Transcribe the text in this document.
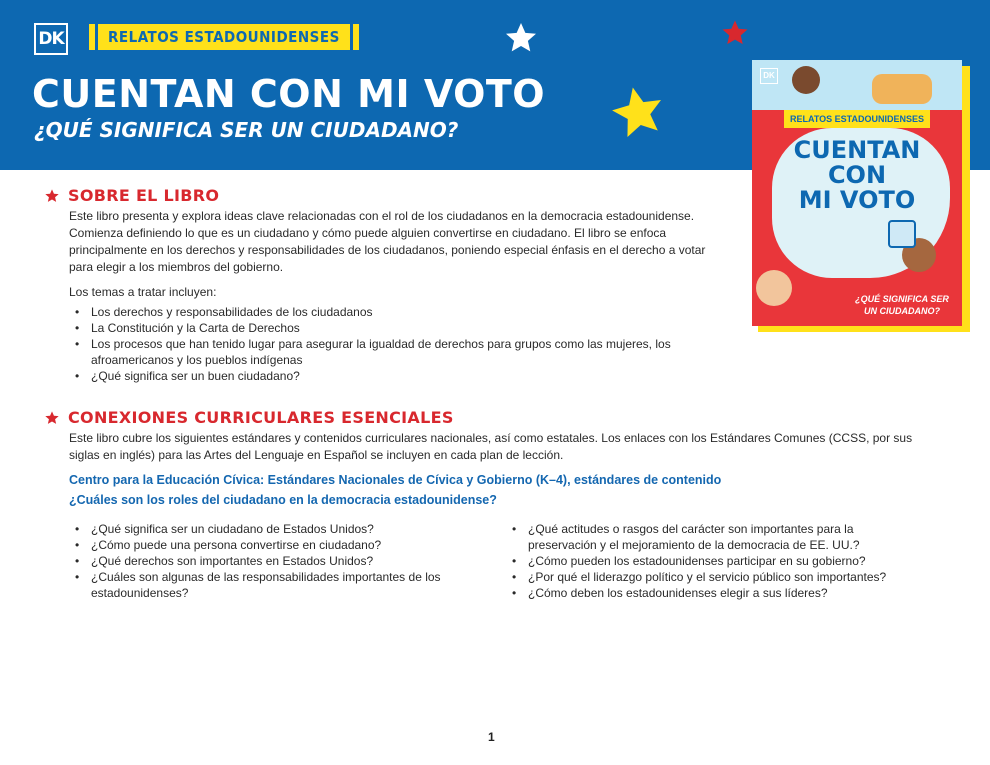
DK	RELATOS ESTADOUNIDENSES
CUENTAN CON MI VOTO
¿QUÉ SIGNIFICA SER UN CIUDADANO?
DK
RELATOS ESTADOUNIDENSES
CUENTAN
CON
MI VOTO
¿QUÉ SIGNIFICA SER UN CIUDADANO?
SOBRE EL LIBRO

Este libro presenta y explora ideas clave relacionadas con el rol de los ciudadanos en la democracia estadounidense. Comienza definiendo lo que es un ciudadano y cómo puede alguien convertirse en ciudadano. El libro se enfoca principalmente en los derechos y responsabilidades de los ciudadanos, poniendo especial énfasis en el derecho a votar para elegir a los miembros del gobierno.

Los temas a tratar incluyen:

• Los derechos y responsabilidades de los ciudadanos
• La Constitución y la Carta de Derechos
• Los procesos que han tenido lugar para asegurar la igualdad de derechos para grupos como las mujeres, los afroamericanos y los pueblos indígenas
• ¿Qué significa ser un buen ciudadano?
CONEXIONES CURRICULARES ESENCIALES

Este libro cubre los siguientes estándares y contenidos curriculares nacionales, así como estatales. Los enlaces con los Estándares Comunes (CCSS, por sus siglas en inglés) para las Artes del Lenguaje en Español se incluyen en cada plan de lección.

Centro para la Educación Cívica: Estándares Nacionales de Cívica y Gobierno (K–4), estándares de contenido

¿Cuáles son los roles del ciudadano en la democracia estadounidense?

• ¿Qué significa ser un ciudadano de Estados Unidos?
• ¿Cómo puede una persona convertirse en ciudadano?
• ¿Qué derechos son importantes en Estados Unidos?
• ¿Cuáles son algunas de las responsabilidades importantes de los estadounidenses?
• ¿Qué actitudes o rasgos del carácter son importantes para la preservación y el mejoramiento de la democracia de EE. UU.?
• ¿Cómo pueden los estadounidenses participar en su gobierno?
• ¿Por qué el liderazgo político y el servicio público son importantes?
• ¿Cómo deben los estadounidenses elegir a sus líderes?
1
